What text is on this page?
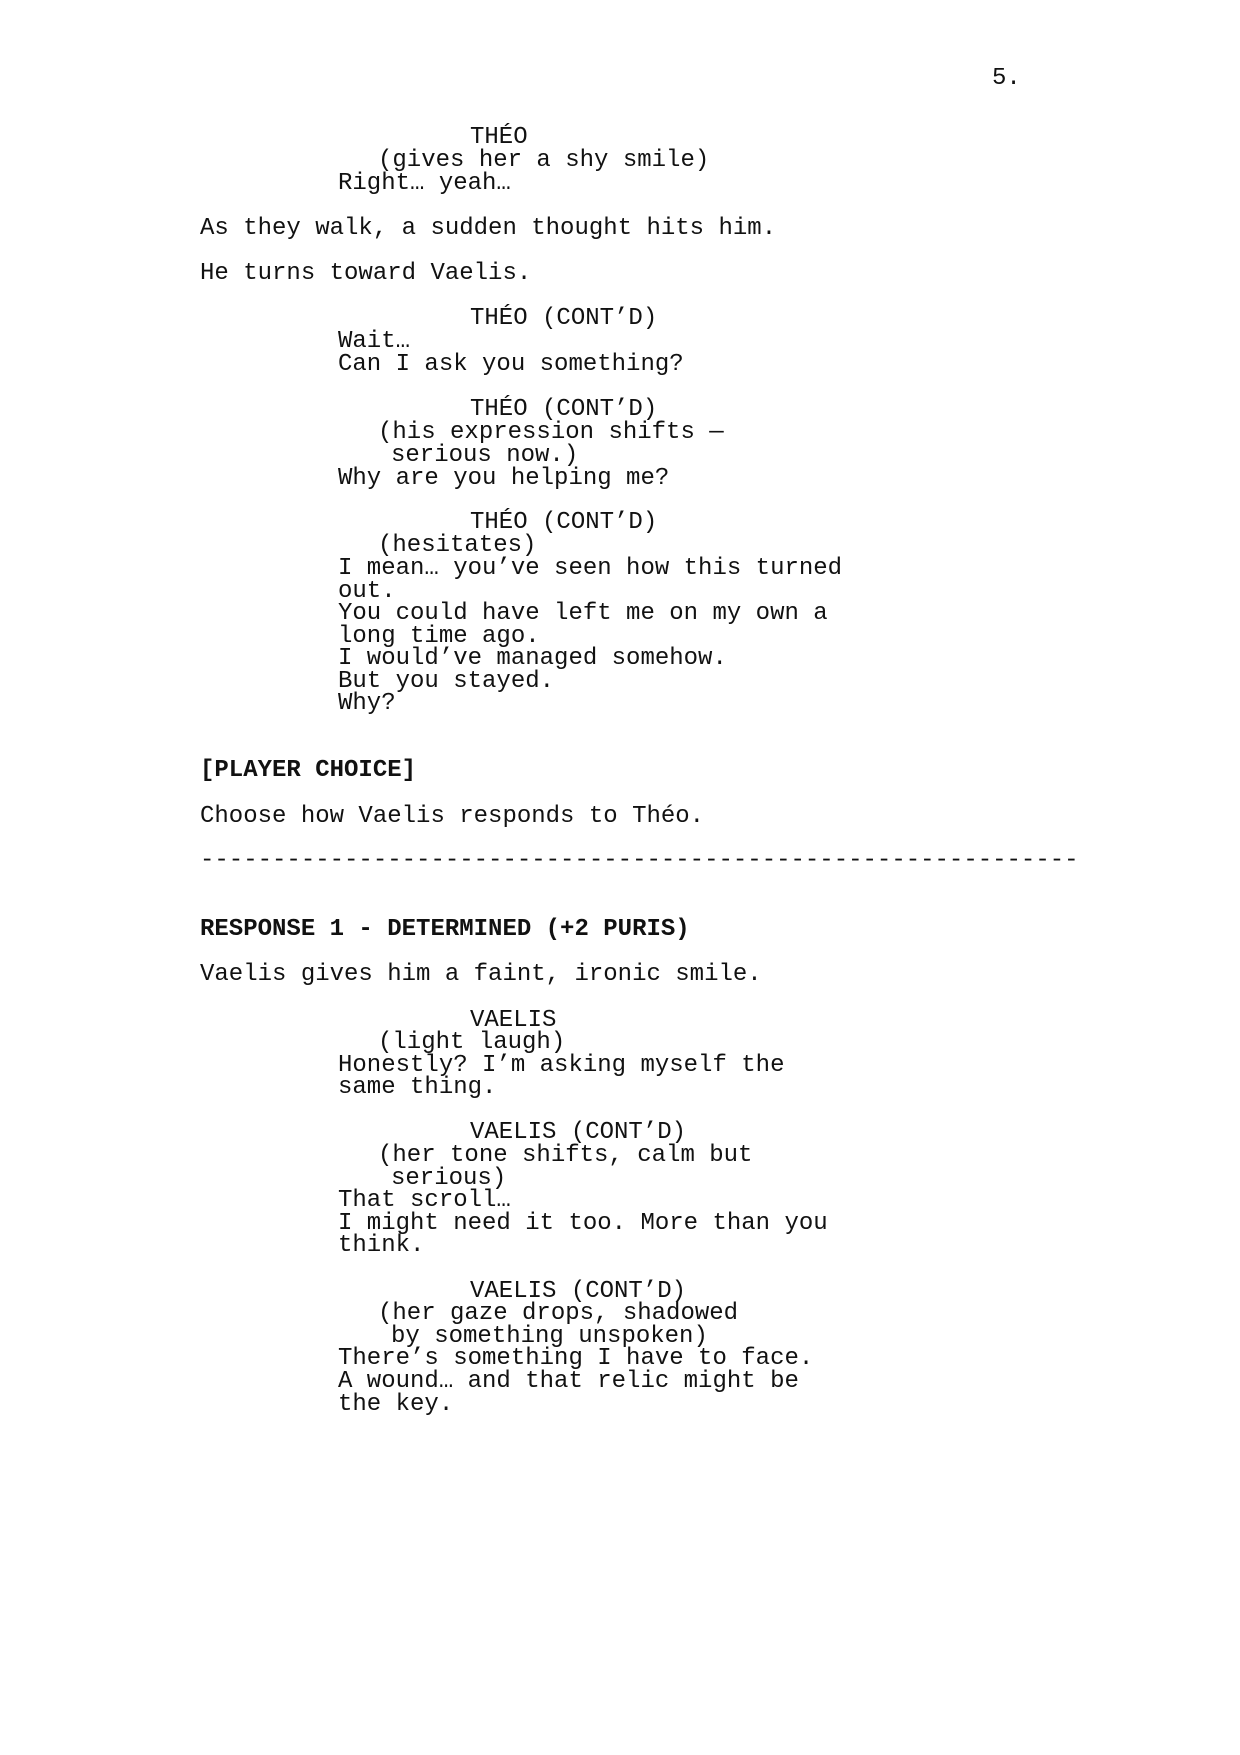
5.
THÉO
(gives her a shy smile)
Right… yeah…
As they walk, a sudden thought hits him.
He turns toward Vaelis.
THÉO (CONT’D)
Wait…
Can I ask you something?
THÉO (CONT’D)
(his expression shifts —
serious now.)
Why are you helping me?
THÉO (CONT’D)
(hesitates)
I mean… you’ve seen how this turned
out.
You could have left me on my own a
long time ago.
I would’ve managed somehow.
But you stayed.
Why?
[PLAYER CHOICE]
Choose how Vaelis responds to Théo.
-------------------------------------------------------------
RESPONSE 1 - DETERMINED (+2 PURIS)
Vaelis gives him a faint, ironic smile.
VAELIS
(light laugh)
Honestly? I’m asking myself the
same thing.
VAELIS (CONT’D)
(her tone shifts, calm but
serious)
That scroll…
I might need it too. More than you
think.
VAELIS (CONT’D)
(her gaze drops, shadowed
by something unspoken)
There’s something I have to face.
A wound… and that relic might be
the key.
